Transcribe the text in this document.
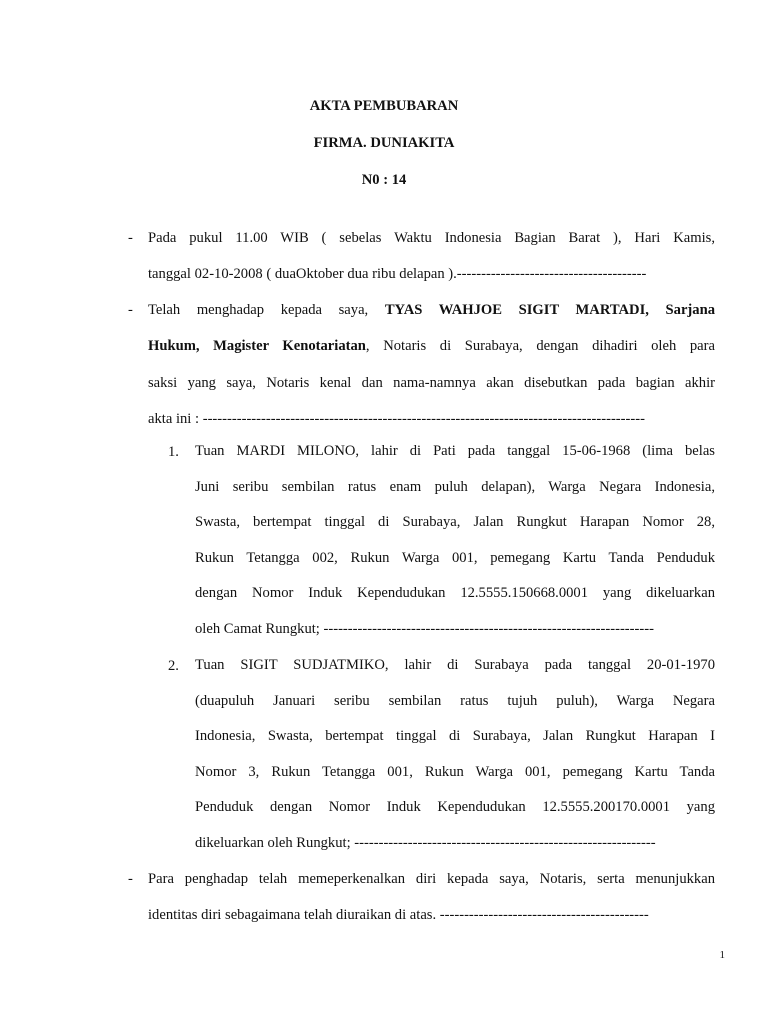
AKTA PEMBUBARAN
FIRMA. DUNIAKITA
N0 : 14
-	Pada pukul 11.00 WIB ( sebelas Waktu Indonesia Bagian Barat ), Hari Kamis,
tanggal 02-10-2008 ( duaOktober dua ribu delapan ).---------------------------------------
-	Telah menghadap kepada saya, TYAS WAHJOE SIGIT MARTADI, Sarjana
Hukum, Magister Kenotariatan, Notaris di Surabaya, dengan dihadiri oleh para
saksi yang saya, Notaris kenal dan nama-namnya akan disebutkan pada bagian akhir
akta ini : -------------------------------------------------------------------------------------------
1.	Tuan MARDI MILONO, lahir di Pati pada tanggal 15-06-1968 (lima belas
Juni seribu sembilan ratus enam puluh delapan), Warga Negara Indonesia,
Swasta, bertempat tinggal di Surabaya, Jalan Rungkut Harapan Nomor 28,
Rukun Tetangga 002, Rukun Warga 001, pemegang Kartu Tanda Penduduk
dengan Nomor Induk Kependudukan 12.5555.150668.0001 yang dikeluarkan
oleh Camat Rungkut; --------------------------------------------------------------------
2.	Tuan SIGIT SUDJATMIKO, lahir di Surabaya pada tanggal 20-01-1970
(duapuluh Januari seribu sembilan ratus tujuh puluh), Warga Negara
Indonesia, Swasta, bertempat tinggal di Surabaya, Jalan Rungkut Harapan I
Nomor 3, Rukun Tetangga 001, Rukun Warga 001, pemegang Kartu Tanda
Penduduk dengan Nomor Induk Kependudukan 12.5555.200170.0001 yang
dikeluarkan oleh Rungkut; --------------------------------------------------------------
-	Para penghadap telah memeperkenalkan diri kepada saya, Notaris, serta menunjukkan
identitas diri sebagaimana telah diuraikan di atas. -------------------------------------------
1
